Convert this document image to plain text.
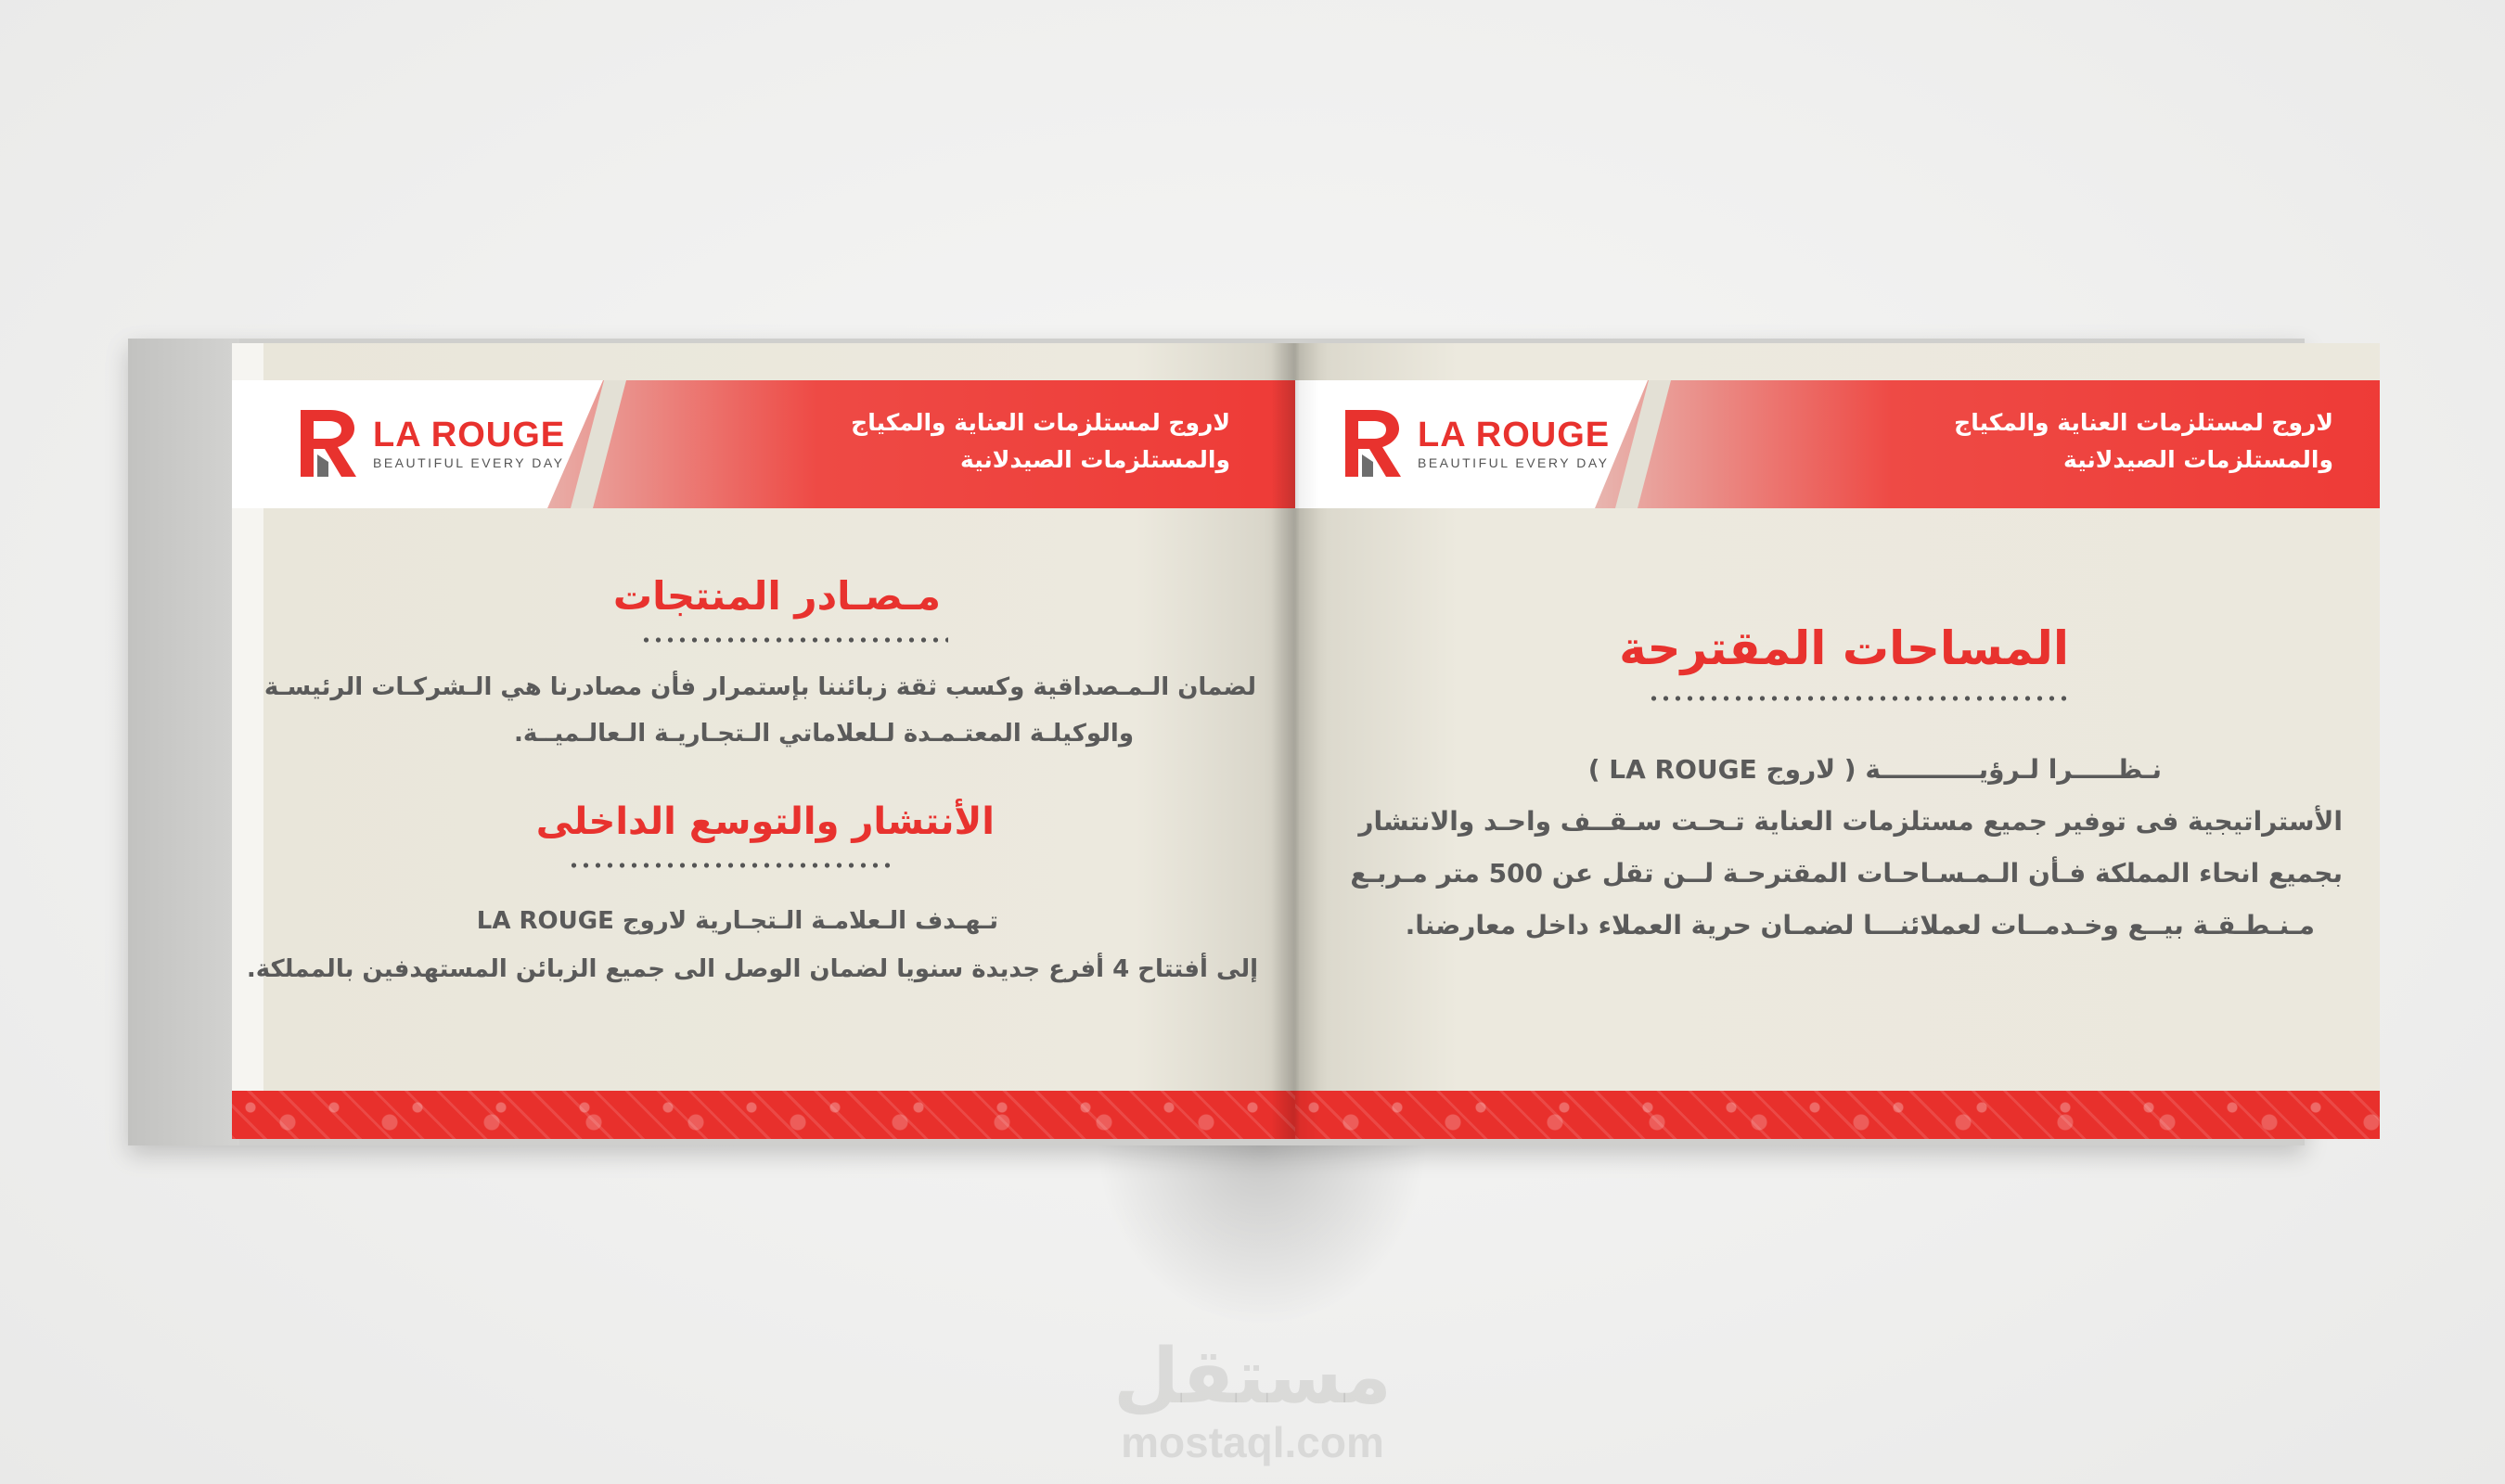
LA ROUGE
BEAUTIFUL EVERY DAY
لاروج لمستلزمات العناية والمكياج
والمستلزمات الصيدلانية
مـصـادر المنتجات
لضمان الـمـصداقية وكسب ثقة زبائننا بإستمرار فأن مصادرنا هي الـشركـات الرئيسـة
والوكيلـة المعتـمـدة لـلعلاماتي الـتجـاريـة الـعالـميــة.
الأنتشار والتوسع الداخلى
تـهـدف الـعلامـة الـتجـارية لاروج LA ROUGE
إلى أفتتاح 4 أفرع جديدة سنويا لضمان الوصل الى جميع الزبائن المستهدفين بالمملكة.
LA ROUGE
BEAUTIFUL EVERY DAY
لاروج لمستلزمات العناية والمكياج
والمستلزمات الصيدلانية
المساحات المقترحة
نـظـــــرا لـرؤيـــــــــــة ( لاروج LA ROUGE )
الأستراتيجية فى توفير جميع مستلزمات العناية تـحـت سـقــف واحـد والانتشار
بجميع انحاء المملكة فـأن الـمـسـاحـات المقترحـة لــن تقل عن 500 متر مـربـع
مـنـطـقـة بيــع وخـدمــات لعملائنـــا لضمـان حرية العملاء داخل معارضنا.
مستقل
mostaql.com
